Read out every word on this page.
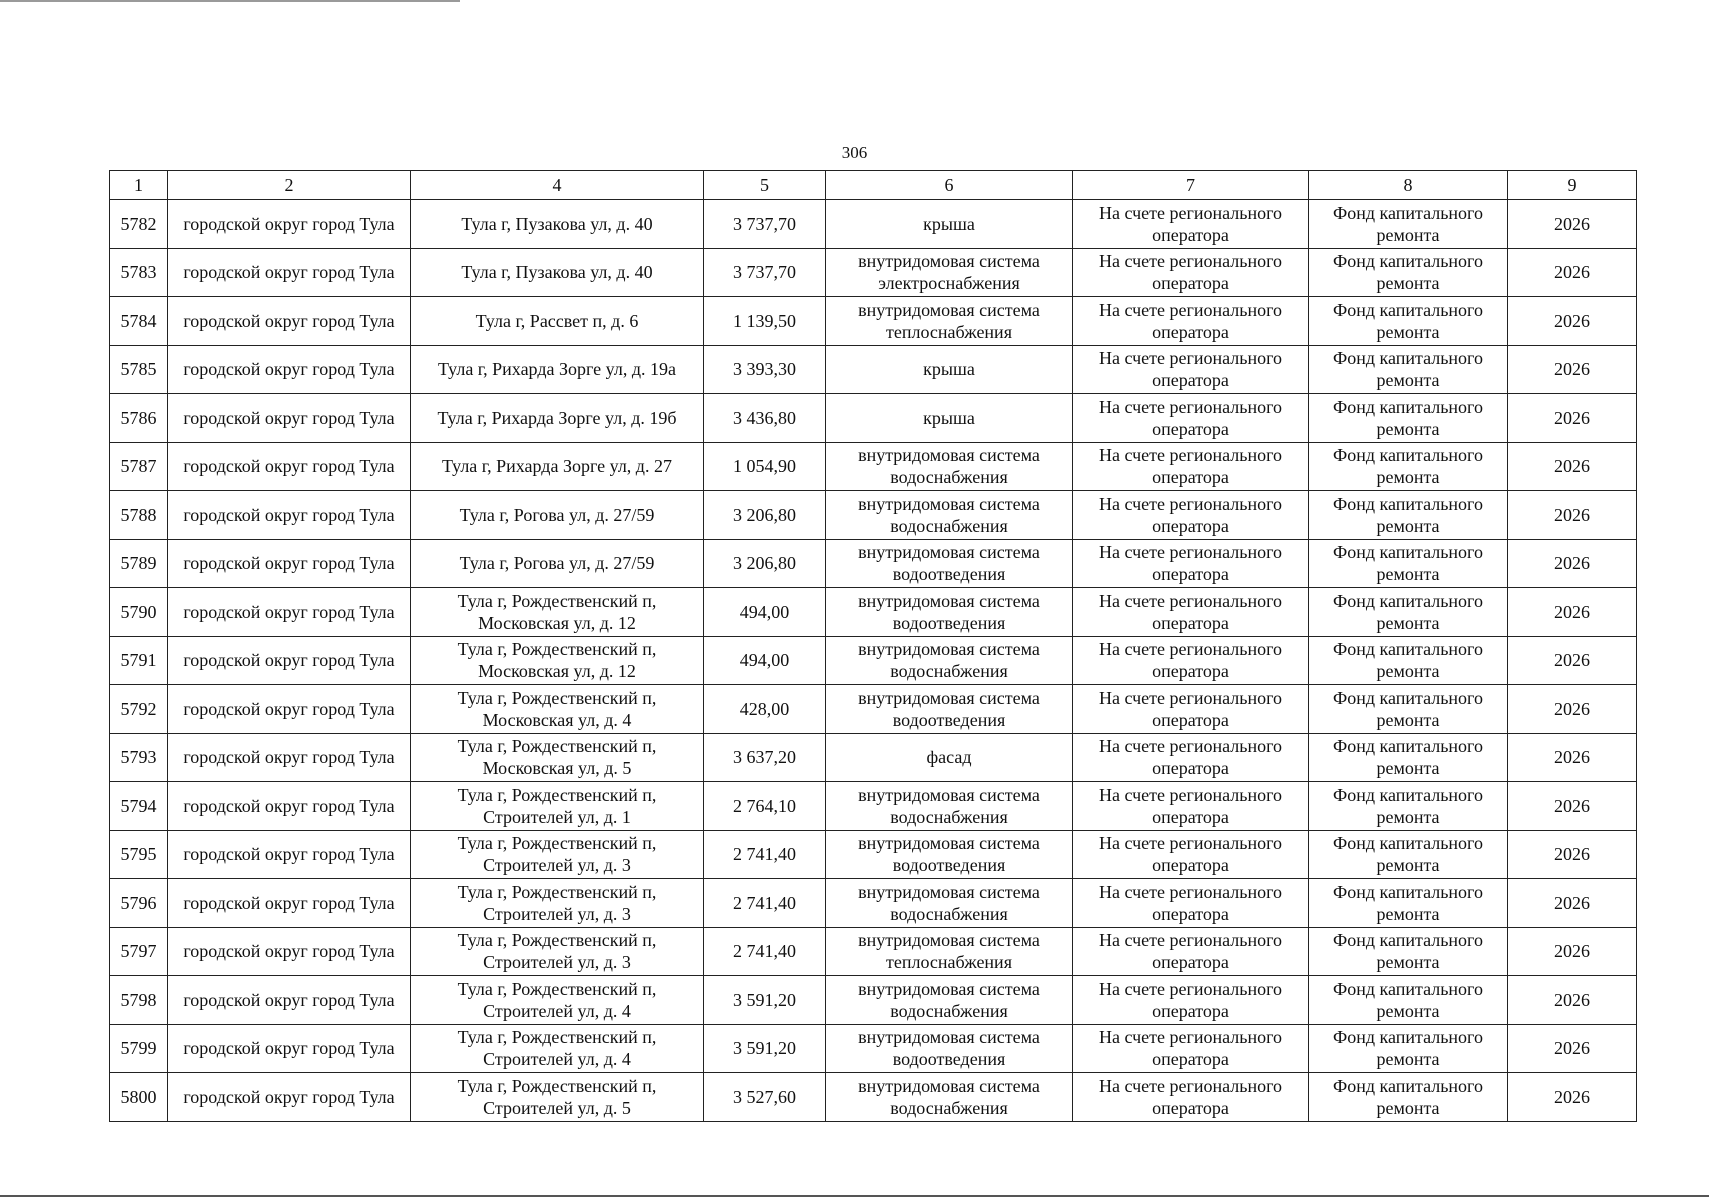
306
1	2	4	5	6	7	8	9
5782	городской округ город Тула	Тула г, Пузакова ул, д. 40	3 737,70	крыша	На счете регионального оператора	Фонд капитального ремонта	2026
5783	городской округ город Тула	Тула г, Пузакова ул, д. 40	3 737,70	внутридомовая система электроснабжения	На счете регионального оператора	Фонд капитального ремонта	2026
5784	городской округ город Тула	Тула г, Рассвет п, д. 6	1 139,50	внутридомовая система теплоснабжения	На счете регионального оператора	Фонд капитального ремонта	2026
5785	городской округ город Тула	Тула г, Рихарда Зорге ул, д. 19а	3 393,30	крыша	На счете регионального оператора	Фонд капитального ремонта	2026
5786	городской округ город Тула	Тула г, Рихарда Зорге ул, д. 19б	3 436,80	крыша	На счете регионального оператора	Фонд капитального ремонта	2026
5787	городской округ город Тула	Тула г, Рихарда Зорге ул, д. 27	1 054,90	внутридомовая система водоснабжения	На счете регионального оператора	Фонд капитального ремонта	2026
5788	городской округ город Тула	Тула г, Рогова ул, д. 27/59	3 206,80	внутридомовая система водоснабжения	На счете регионального оператора	Фонд капитального ремонта	2026
5789	городской округ город Тула	Тула г, Рогова ул, д. 27/59	3 206,80	внутридомовая система водоотведения	На счете регионального оператора	Фонд капитального ремонта	2026
5790	городской округ город Тула	Тула г, Рождественский п, Московская ул, д. 12	494,00	внутридомовая система водоотведения	На счете регионального оператора	Фонд капитального ремонта	2026
5791	городской округ город Тула	Тула г, Рождественский п, Московская ул, д. 12	494,00	внутридомовая система водоснабжения	На счете регионального оператора	Фонд капитального ремонта	2026
5792	городской округ город Тула	Тула г, Рождественский п, Московская ул, д. 4	428,00	внутридомовая система водоотведения	На счете регионального оператора	Фонд капитального ремонта	2026
5793	городской округ город Тула	Тула г, Рождественский п, Московская ул, д. 5	3 637,20	фасад	На счете регионального оператора	Фонд капитального ремонта	2026
5794	городской округ город Тула	Тула г, Рождественский п, Строителей ул, д. 1	2 764,10	внутридомовая система водоснабжения	На счете регионального оператора	Фонд капитального ремонта	2026
5795	городской округ город Тула	Тула г, Рождественский п, Строителей ул, д. 3	2 741,40	внутридомовая система водоотведения	На счете регионального оператора	Фонд капитального ремонта	2026
5796	городской округ город Тула	Тула г, Рождественский п, Строителей ул, д. 3	2 741,40	внутридомовая система водоснабжения	На счете регионального оператора	Фонд капитального ремонта	2026
5797	городской округ город Тула	Тула г, Рождественский п, Строителей ул, д. 3	2 741,40	внутридомовая система теплоснабжения	На счете регионального оператора	Фонд капитального ремонта	2026
5798	городской округ город Тула	Тула г, Рождественский п, Строителей ул, д. 4	3 591,20	внутридомовая система водоснабжения	На счете регионального оператора	Фонд капитального ремонта	2026
5799	городской округ город Тула	Тула г, Рождественский п, Строителей ул, д. 4	3 591,20	внутридомовая система водоотведения	На счете регионального оператора	Фонд капитального ремонта	2026
5800	городской округ город Тула	Тула г, Рождественский п, Строителей ул, д. 5	3 527,60	внутридомовая система водоснабжения	На счете регионального оператора	Фонд капитального ремонта	2026
